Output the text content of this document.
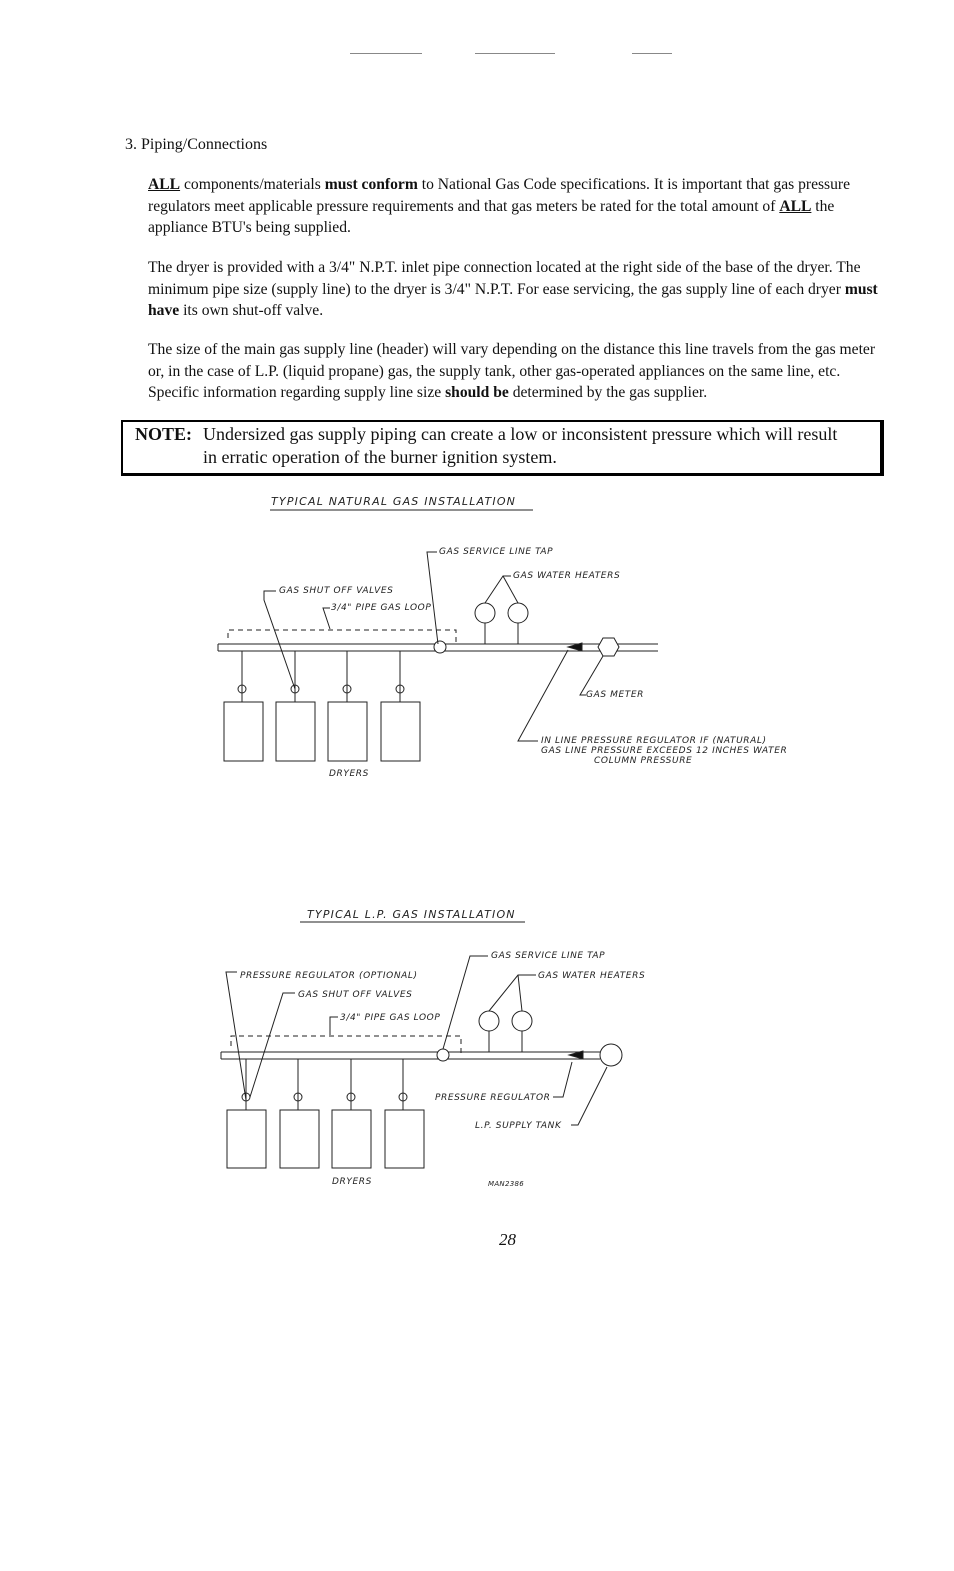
3. Piping/Connections

ALL components/materials must conform to National Gas Code specifications. It is important that gas pressure regulators meet applicable pressure requirements and that gas meters be rated for the total amount of ALL the appliance BTU's being supplied.

The dryer is provided with a 3/4" N.P.T. inlet pipe connection located at the right side of the base of the dryer. The minimum pipe size (supply line) to the dryer is 3/4" N.P.T. For ease servicing, the gas supply line of each dryer must have its own shut-off valve.

The size of the main gas supply line (header) will vary depending on the distance this line travels from the gas meter or, in the case of L.P. (liquid propane) gas, the supply tank, other gas-operated appliances on the same line, etc. Specific information regarding supply line size should be determined by the gas supplier.

NOTE: Undersized gas supply piping can create a low or inconsistent pressure which will result
in erratic operation of the burner ignition system.
TYPICAL NATURAL GAS INSTALLATION
DRYERS
GAS SERVICE LINE TAP
GAS WATER HEATERS
GAS SHUT OFF VALVES
3/4" PIPE GAS LOOP
GAS METER
IN LINE PRESSURE REGULATOR IF (NATURAL)
GAS LINE PRESSURE EXCEEDS 12 INCHES WATER
COLUMN PRESSURE
TYPICAL L.P. GAS INSTALLATION
DRYERS	MAN2386
GAS SERVICE LINE TAP
PRESSURE REGULATOR (OPTIONAL)	GAS WATER HEATERS
GAS SHUT OFF VALVES
3/4" PIPE GAS LOOP
PRESSURE REGULATOR
L.P. SUPPLY TANK
28
